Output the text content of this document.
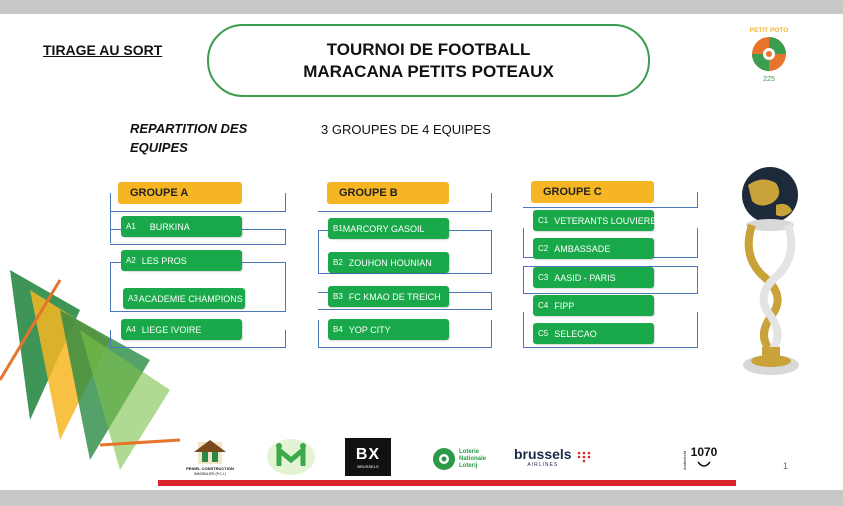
TIRAGE AU SORT	TOURNOI DE FOOTBALL
MARACANA PETITS POTEAUX
PETIT POTO
225
REPARTITION DES EQUIPES
3 GROUPES DE 4 EQUIPES
GROUPE A
A1 BURKINA
A2 LES PROS
A3 ACADEMIE CHAMPIONS
A4 LIEGE IVOIRE
GROUPE B
B1 MARCORY GASOIL
B2 ZOUHON HOUNIAN
B3 FC KMAO DE TREICH
B4 YOP CITY
GROUPE C
C1 VETERANTS LOUVIERES
C2 AMBASSADE
C3 AASID - PARIS
C4 FIPP
C5 SELECAO
PENIEL CONSTRUCTION
IMMOBILIER (P.C.I.)
BX
BRUSSELS
Loterie
Nationale
Loterij
brussels
AIRLINES	Anderlecht 1070
1
